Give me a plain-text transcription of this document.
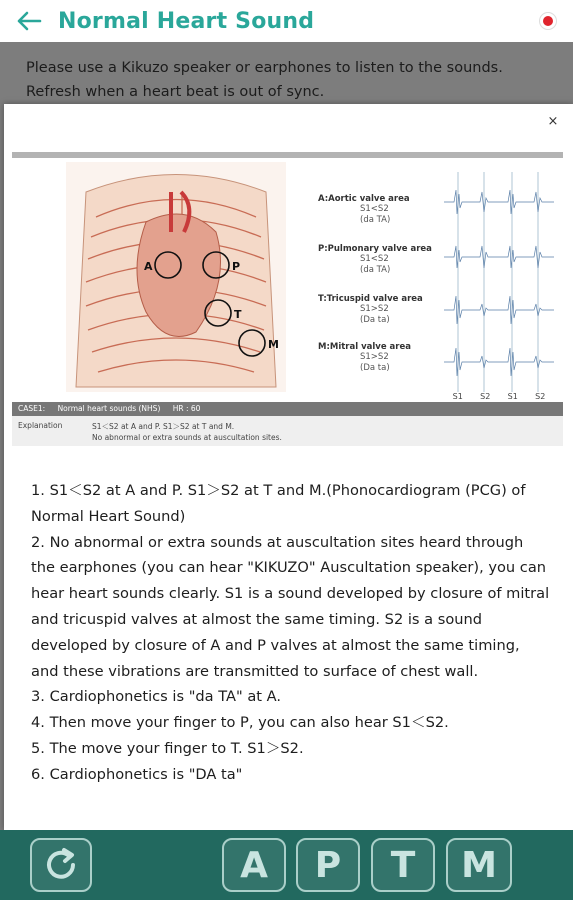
Normal Heart Sound
Please use a Kikuzo speaker or earphones to listen to the sounds.
Refresh when a heart beat is out of sync.
×
A	P
T
M
A:Aortic valve area
S1<S2
(da TA)
P:Pulmonary valve area
S1<S2
(da TA)
T:Tricuspid valve area
S1>S2
(Da ta)
M:Mitral valve area
S1>S2
(Da ta)
S1 S2 S1 S2
CASE1: Normal heart sounds (NHS) HR : 60
Explanation	S1＜S2 at A and P. S1＞S2 at T and M.
No abnormal or extra sounds at auscultation sites.

1. S1＜S2 at A and P. S1＞S2 at T and M.(Phonocardiogram (PCG) of Normal Heart Sound)

2. No abnormal or extra sounds at auscultation sites heard through the earphones (you can hear "KIKUZO" Auscultation speaker), you can hear heart sounds clearly. S1 is a sound developed by closure of mitral and tricuspid valves at almost the same timing. S2 is a sound developed by closure of A and P valves at almost the same timing, and these vibrations are transmitted to surface of chest wall.

3. Cardiophonetics is "da TA" at A.

4. Then move your finger to P, you can also hear S1＜S2.

5. The move your finger to T. S1＞S2.

6. Cardiophonetics is "DA ta"

A	P	T	M
